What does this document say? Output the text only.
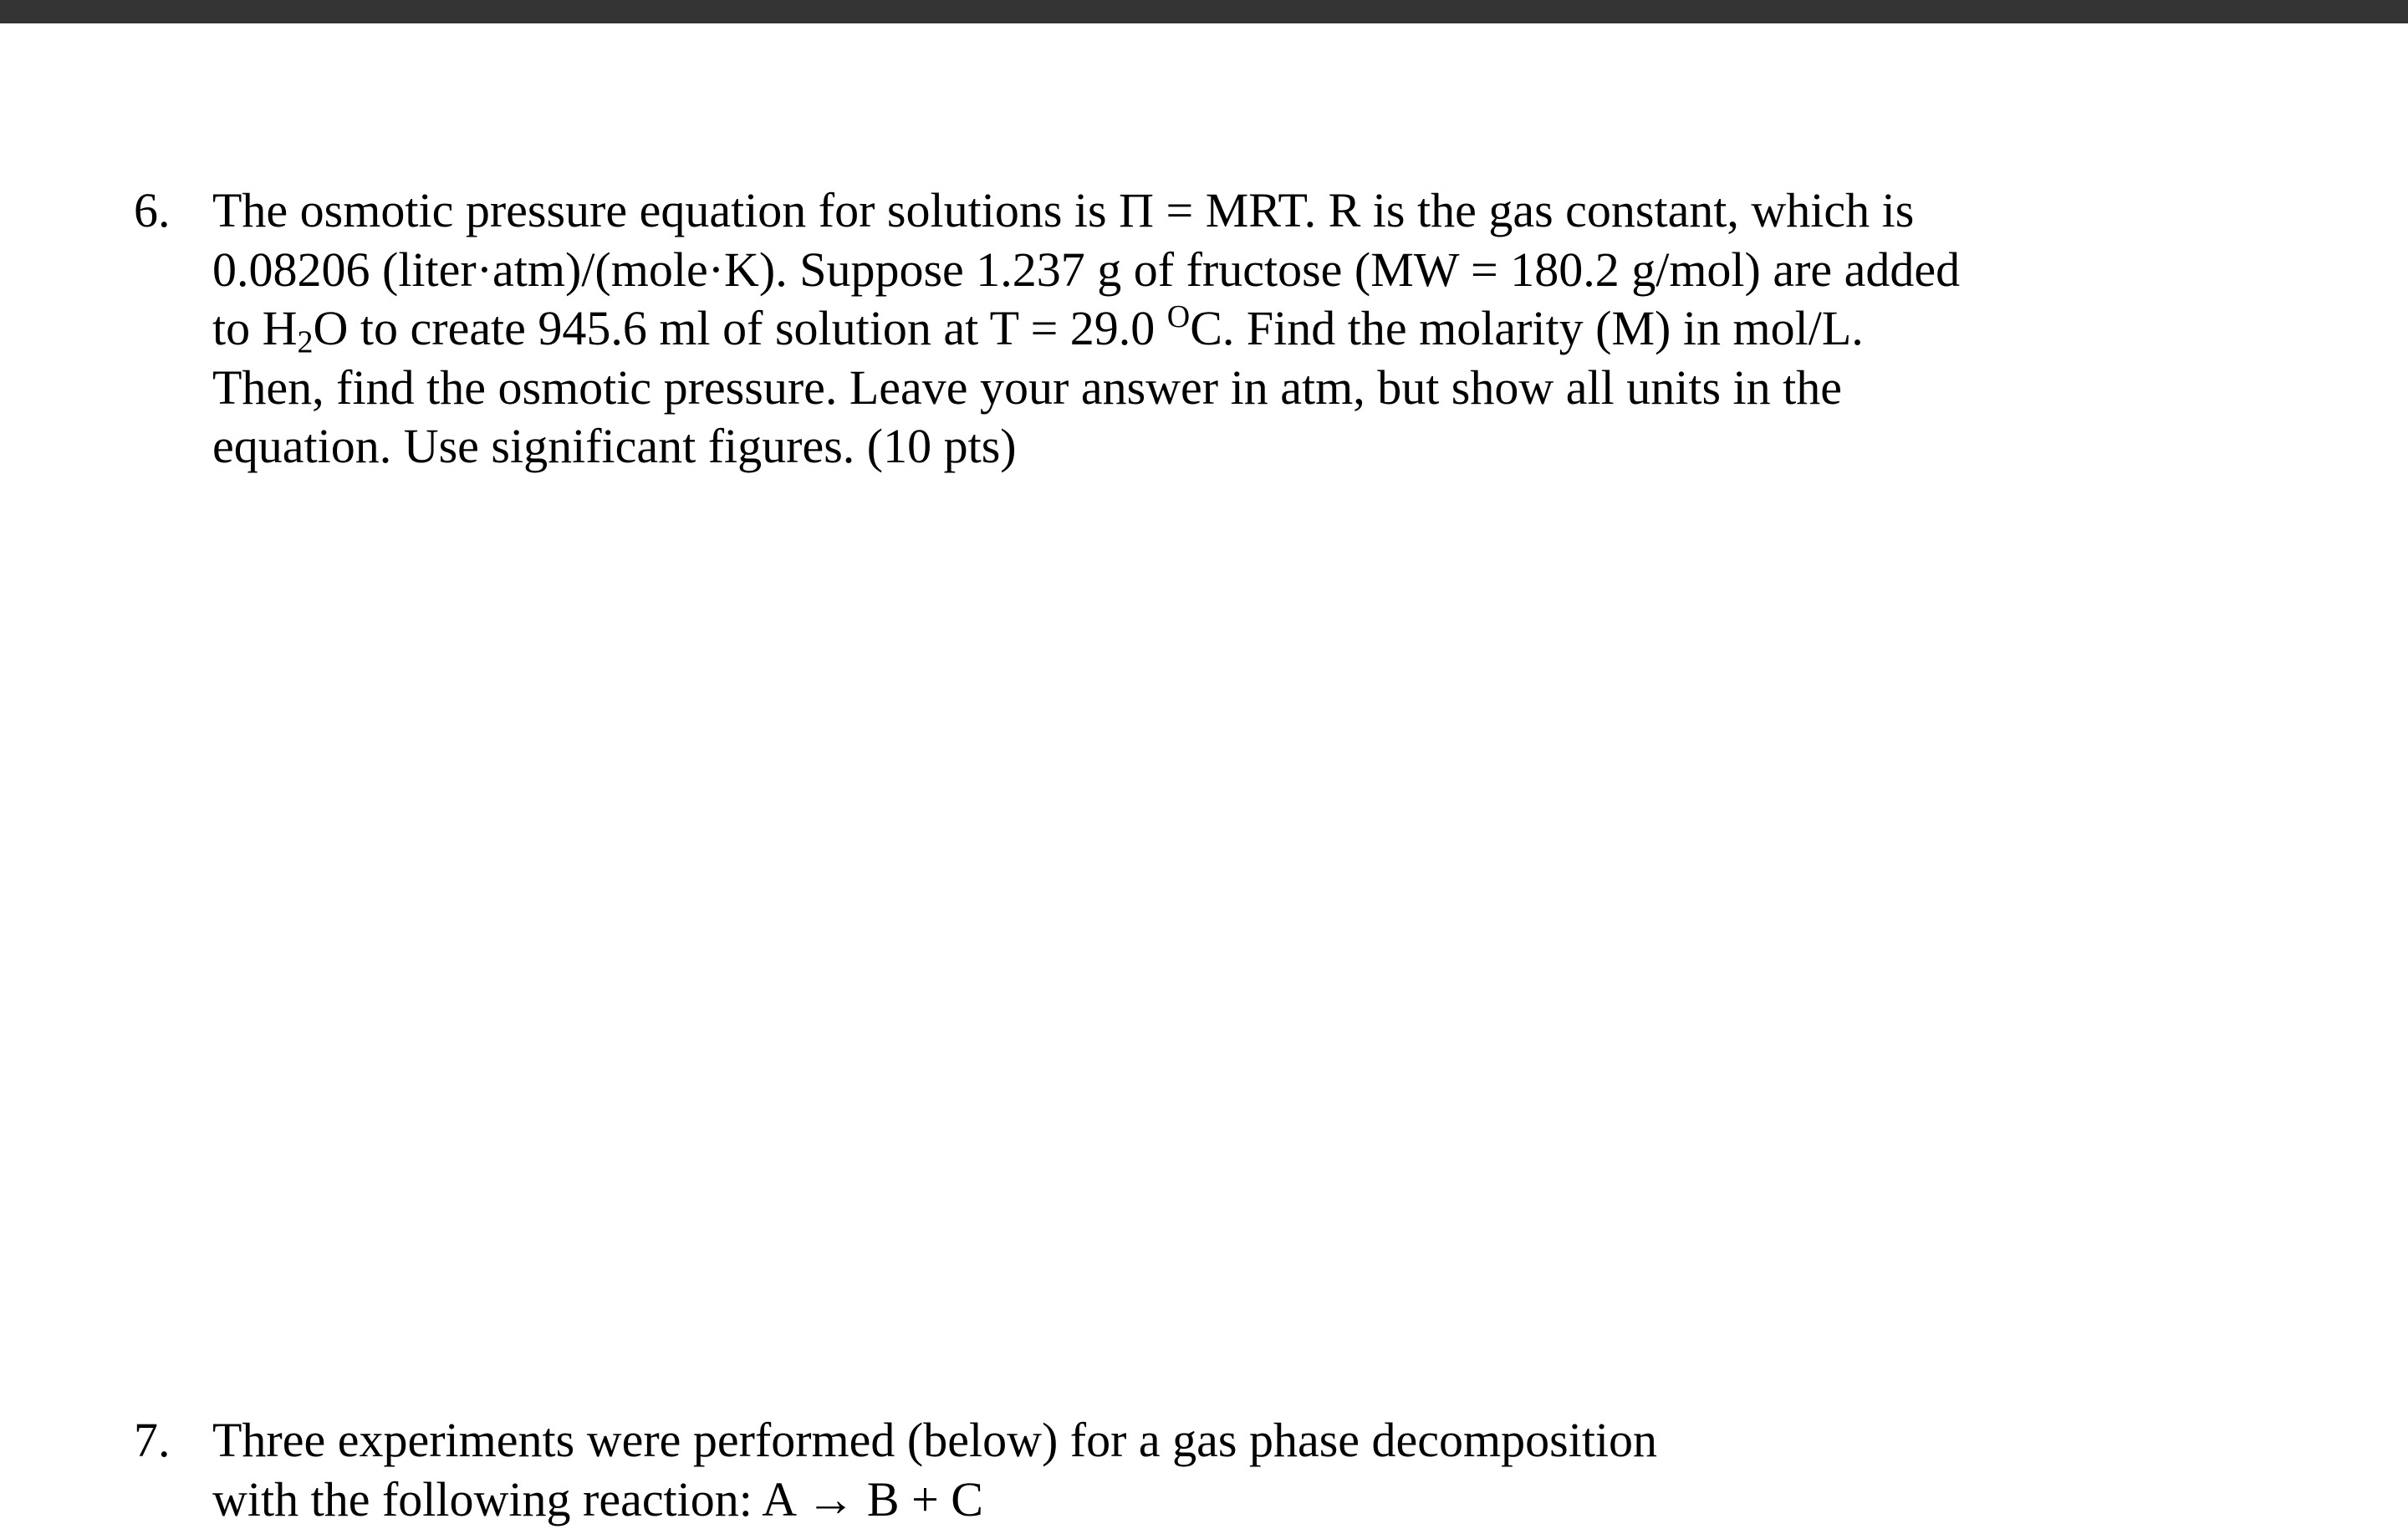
6. The osmotic pressure equation for solutions is Π = MRT. R is the gas constant, which is
0.08206 (liter·atm)/(mole·K). Suppose 1.237 g of fructose (MW = 180.2 g/mol) are added
to $H_2O$ to create 945.6 ml of solution at T = 29.0 $^O$C. Find the molarity (M) in mol/L.
Then, find the osmotic pressure. Leave your answer in atm, but show all units in the
equation. Use significant figures. (10 pts)
7. Three experiments were performed (below) for a gas phase decomposition
with the following reaction: A → B + C
